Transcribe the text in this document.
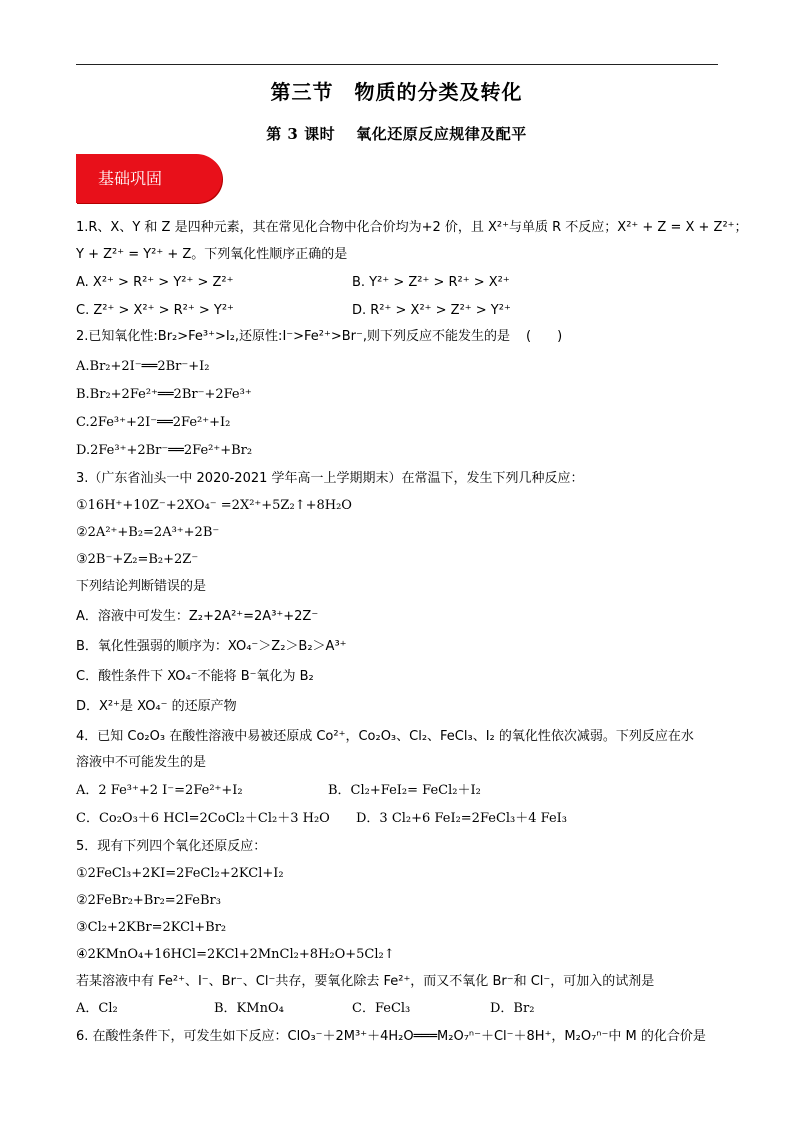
第三节　物质的分类及转化
第 3 课时　 氧化还原反应规律及配平
基础巩固
1.R、X、Y 和 Z 是四种元素，其在常见化合物中化合价均为+2 价，且 X²⁺与单质 R 不反应；X²⁺ + Z = X + Z²⁺；
Y + Z²⁺ = Y²⁺ + Z。下列氧化性顺序正确的是
A. X²⁺ > R²⁺ > Y²⁺ > Z²⁺	B. Y²⁺ > Z²⁺ > R²⁺ > X²⁺
C. Z²⁺ > X²⁺ > R²⁺ > Y²⁺	D. R²⁺ > X²⁺ > Z²⁺ > Y²⁺
2.已知氧化性:Br₂>Fe³⁺>I₂,还原性:I⁻>Fe²⁺>Br⁻,则下列反应不能发生的是 (　　)
A.Br₂+2I⁻══2Br⁻+I₂
B.Br₂+2Fe²⁺══2Br⁻+2Fe³⁺
C.2Fe³⁺+2I⁻══2Fe²⁺+I₂
D.2Fe³⁺+2Br⁻══2Fe²⁺+Br₂
3.（广东省汕头一中 2020-2021 学年高一上学期期末）在常温下，发生下列几种反应：
①16H⁺+10Z⁻+2XO₄⁻ =2X²⁺+5Z₂↑+8H₂O
②2A²⁺+B₂=2A³⁺+2B⁻
③2B⁻+Z₂=B₂+2Z⁻
下列结论判断错误的是
A．溶液中可发生：Z₂+2A²⁺=2A³⁺+2Z⁻
B．氧化性强弱的顺序为：XO₄⁻＞Z₂＞B₂＞A³⁺
C．酸性条件下 XO₄⁻不能将 B⁻氧化为 B₂
D．X²⁺是 XO₄⁻ 的还原产物
4．已知 Co₂O₃ 在酸性溶液中易被还原成 Co²⁺，Co₂O₃、Cl₂、FeCl₃、I₂ 的氧化性依次减弱。下列反应在水
溶液中不可能发生的是
A．2 Fe³⁺+2 I⁻=2Fe²⁺+I₂	B．Cl₂+FeI₂= FeCl₂＋I₂
C．Co₂O₃＋6 HCl=2CoCl₂＋Cl₂＋3 H₂O D．3 Cl₂+6 FeI₂=2FeCl₃＋4 FeI₃
5．现有下列四个氧化还原反应：
①2FeCl₃+2KI=2FeCl₂+2KCl+I₂
②2FeBr₂+Br₂=2FeBr₃
③Cl₂+2KBr=2KCl+Br₂
④2KMnO₄+16HCl=2KCl+2MnCl₂+8H₂O+5Cl₂↑
若某溶液中有 Fe²⁺、I⁻、Br⁻、Cl⁻共存，要氧化除去 Fe²⁺，而又不氧化 Br⁻和 Cl⁻，可加入的试剂是
A．Cl₂	B．KMnO₄	C．FeCl₃	D．Br₂
6. 在酸性条件下，可发生如下反应：ClO₃⁻＋2M³⁺＋4H₂O═══M₂O₇ⁿ⁻＋Cl⁻＋8H⁺，M₂O₇ⁿ⁻中 M 的化合价是
